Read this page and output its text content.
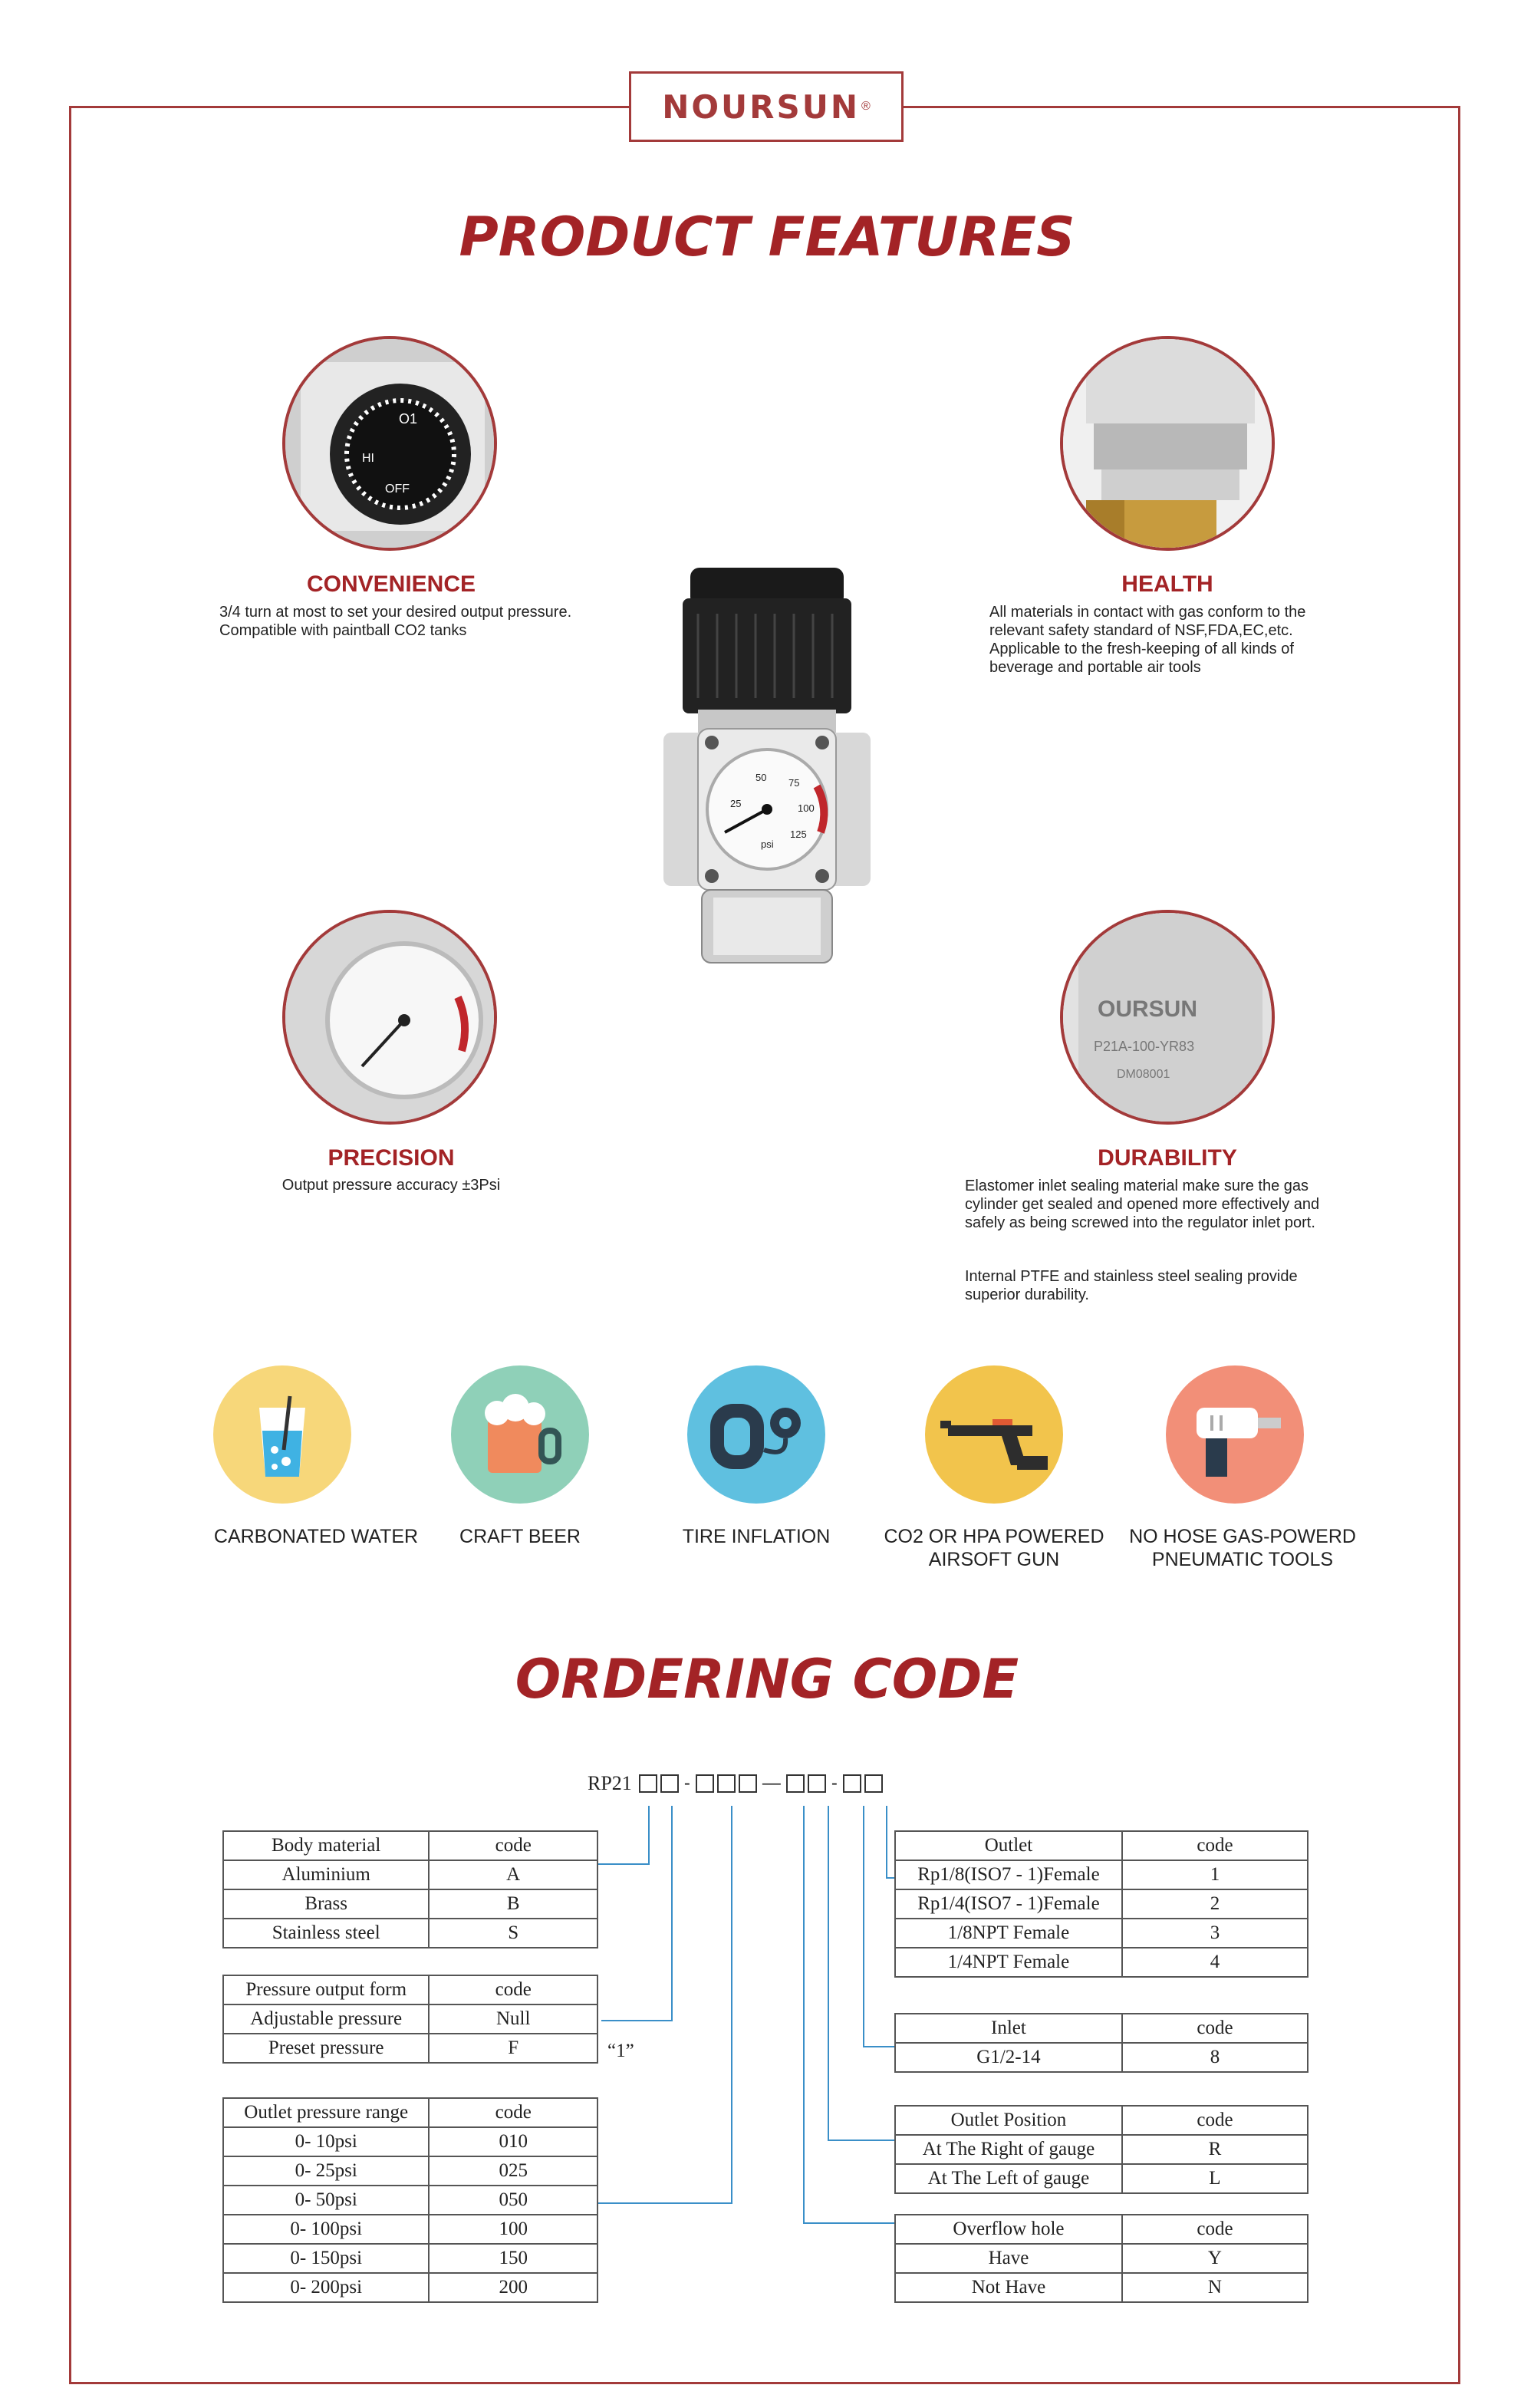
NOURSUN ®
PRODUCT FEATURES
O1
HI
OFF
CONVENIENCE
3/4 turn at most to set your desired output pressure. Compatible with paintball CO2 tanks
HEALTH
All materials in contact with gas conform to the relevant safety standard of NSF,FDA,EC,etc. Applicable to the fresh-keeping of all kinds of beverage and portable air tools
PRECISION
Output pressure accuracy ±3Psi
OURSUN
P21A-100-YR83
DM08001
DURABILITY
Elastomer inlet sealing material make sure the gas cylinder get sealed and opened more effectively and safely as being screwed into the regulator inlet port.
Internal PTFE and stainless steel sealing provide superior durability.
25
50 75
100
125
psi
CARBONATED WATER	CRAFT BEER	TIRE INFLATION	CO2 OR HPA POWERED AIRSOFT GUN
NO HOSE GAS-POWERD PNEUMATIC TOOLS
ORDERING CODE
RP21	-	—	-
Body material	code
Aluminium	A
Brass	B
Stainless steel	S
Pressure output form	code
Adjustable pressure	Null
Preset pressure	F	“1”
Outlet pressure range	code
0- 10psi	010
0- 25psi	025
0- 50psi	050
0- 100psi	100
0- 150psi	150
0- 200psi	200
Outlet	code
Rp1/8(ISO7 - 1)Female	1
Rp1/4(ISO7 - 1)Female	2
1/8NPT Female	3
1/4NPT Female	4
Inlet	code
G1/2-14	8
Outlet Position	code
At The Right of gauge	R
At The Left of gauge	L
Overflow hole	code
Have	Y
Not Have	N
